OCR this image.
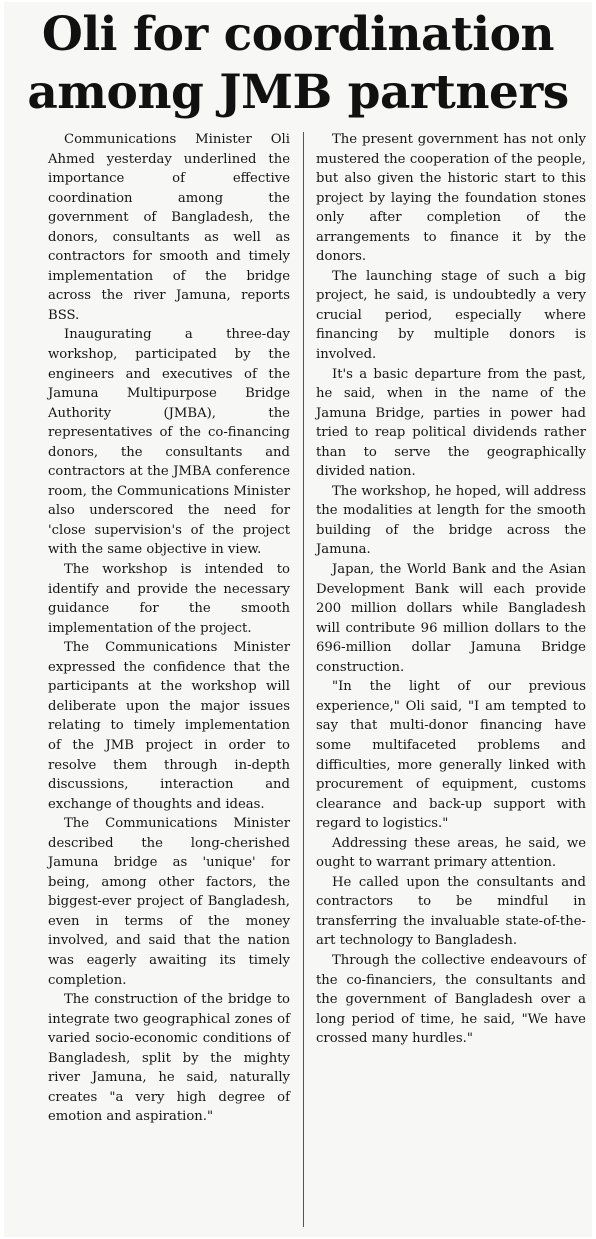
Oli for coordination
among JMB partners

Communications Minister Oli Ahmed yesterday underlined the importance of effective coordination among the government of Bangladesh, the donors, consultants as well as contractors for smooth and timely implementation of the bridge across the river Jamuna, reports BSS.

Inaugurating a three-day workshop, participated by the engineers and executives of the Jamuna Multipurpose Bridge Authority (JMBA), the representatives of the co-financing donors, the consultants and contractors at the JMBA conference room, the Communications Minister also underscored the need for 'close supervision's of the project with the same objective in view.

The workshop is intended to identify and provide the necessary guidance for the smooth implementation of the project.

The Communications Minister expressed the confidence that the participants at the workshop will deliberate upon the major issues relating to timely implementation of the JMB project in order to resolve them through in-depth discussions, interaction and exchange of thoughts and ideas.

The Communications Minister described the long-cherished Jamuna bridge as 'unique' for being, among other factors, the biggest-ever project of Bangladesh, even in terms of the money involved, and said that the nation was eagerly awaiting its timely completion.

The construction of the bridge to integrate two geographical zones of varied socio-economic conditions of Bangladesh, split by the mighty river Jamuna, he said, naturally creates "a very high degree of emotion and aspiration."

The present government has not only mustered the cooperation of the people, but also given the historic start to this project by laying the foundation stones only after completion of the arrangements to finance it by the donors.

The launching stage of such a big project, he said, is undoubtedly a very crucial period, especially where financing by multiple donors is involved.

It's a basic departure from the past, he said, when in the name of the Jamuna Bridge, parties in power had tried to reap political dividends rather than to serve the geographically divided nation.

The workshop, he hoped, will address the modalities at length for the smooth building of the bridge across the Jamuna.

Japan, the World Bank and the Asian Development Bank will each provide 200 million dollars while Bangladesh will contribute 96 million dollars to the 696-million dollar Jamuna Bridge construction.

"In the light of our previous experience," Oli said, "I am tempted to say that multi-donor financing have some multifaceted problems and difficulties, more generally linked with procurement of equipment, customs clearance and back-up support with regard to logistics."

Addressing these areas, he said, we ought to warrant primary attention.

He called upon the consultants and contractors to be mindful in transferring the invaluable state-of-the-art technology to Bangladesh.

Through the collective endeavours of the co-financiers, the consultants and the government of Bangladesh over a long period of time, he said, "We have crossed many hurdles."
